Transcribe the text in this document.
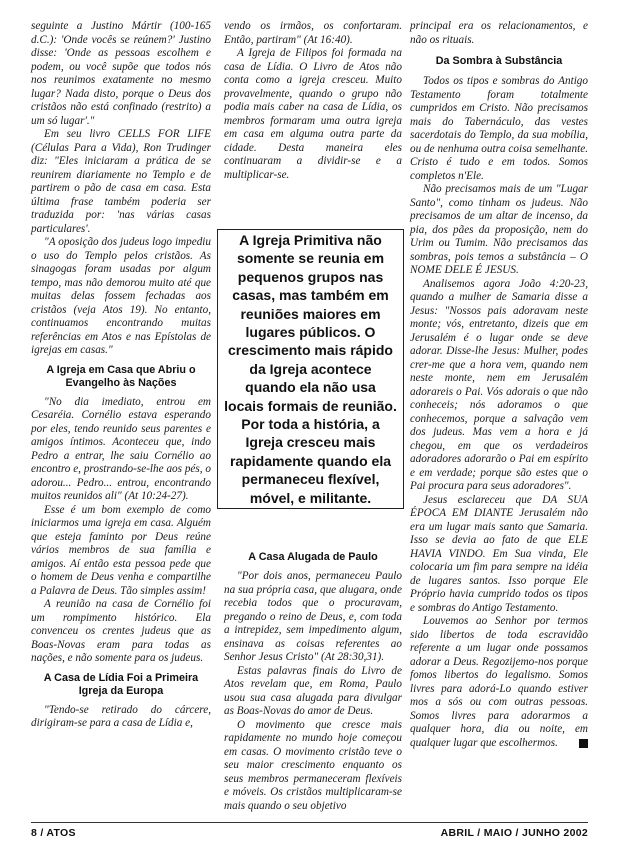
seguinte a Justino Mártir (100-165 d.C.): 'Onde vocês se reúnem?' Justino disse: 'Onde as pessoas escolhem e podem, ou você supõe que todos nós nos reunimos exatamente no mesmo lugar? Nada disto, porque o Deus dos cristãos não está confinado (restrito) a um só lugar'."

Em seu livro CELLS FOR LIFE (Células Para a Vida), Ron Trudinger diz: "Eles iniciaram a prática de se reunirem diariamente no Templo e de partirem o pão de casa em casa. Esta última frase também poderia ser traduzida por: 'nas várias casas particulares'.

"A oposição dos judeus logo impediu o uso do Templo pelos cristãos. As sinagogas foram usadas por algum tempo, mas não demorou muito até que muitas delas fossem fechadas aos cristãos (veja Atos 19). No entanto, continuamos encontrando muitas referências em Atos e nas Epístolas de igrejas em casas."

A Igreja em Casa que Abriu o Evangelho às Nações

"No dia imediato, entrou em Cesaréia. Cornélio estava esperando por eles, tendo reunido seus parentes e amigos íntimos. Aconteceu que, indo Pedro a entrar, lhe saiu Cornélio ao encontro e, prostrando-se-lhe aos pés, o adorou... Pedro... entrou, encontrando muitos reunidos ali" (At 10:24-27).

Esse é um bom exemplo de como iniciarmos uma igreja em casa. Alguém que esteja faminto por Deus reúne vários membros de sua família e amigos. Aí então esta pessoa pede que o homem de Deus venha e compartilhe a Palavra de Deus. Tão simples assim!

A reunião na casa de Cornélio foi um rompimento histórico. Ela convenceu os crentes judeus que as Boas-Novas eram para todas as nações, e não somente para os judeus.

A Casa de Lídia Foi a Primeira Igreja da Europa

"Tendo-se retirado do cárcere, dirigiram-se para a casa de Lídia e,

vendo os irmãos, os confortaram. Então, partiram" (At 16:40).

A Igreja de Filipos foi formada na casa de Lídia. O Livro de Atos não conta como a igreja cresceu. Muito provavelmente, quando o grupo não podia mais caber na casa de Lídia, os membros formaram uma outra igreja em casa em alguma outra parte da cidade. Desta maneira eles continuaram a dividir-se e a multiplicar-se.

A Igreja Primitiva não somente se reunia em pequenos grupos nas casas, mas também em reuniões maiores em lugares públicos. O crescimento mais rápido da Igreja acontece quando ela não usa locais formais de reunião. Por toda a história, a Igreja cresceu mais rapidamente quando ela permaneceu flexível, móvel, e militante.
A Casa Alugada de Paulo

"Por dois anos, permaneceu Paulo na sua própria casa, que alugara, onde recebia todos que o procuravam, pregando o reino de Deus, e, com toda a intrepidez, sem impedimento algum, ensinava as coisas referentes ao Senhor Jesus Cristo" (At 28:30,31).

Estas palavras finais do Livro de Atos revelam que, em Roma, Paulo usou sua casa alugada para divulgar as Boas-Novas do amor de Deus.

O movimento que cresce mais rapidamente no mundo hoje começou em casas. O movimento cristão teve o seu maior crescimento enquanto os seus membros permaneceram flexíveis e móveis. Os cristãos multiplicaram-se mais quando o seu objetivo

principal era os relacionamentos, e não os rituais.

Da Sombra à Substância

Todos os tipos e sombras do Antigo Testamento foram totalmente cumpridos em Cristo. Não precisamos mais do Tabernáculo, das vestes sacerdotais do Templo, da sua mobília, ou de nenhuma outra coisa semelhante. Cristo é tudo e em todos. Somos completos n'Ele.

Não precisamos mais de um "Lugar Santo", como tinham os judeus. Não precisamos de um altar de incenso, da pia, dos pães da proposição, nem do Urim ou Tumim. Não precisamos das sombras, pois temos a substância – O NOME DELE É JESUS.

Analisemos agora João 4:20-23, quando a mulher de Samaria disse a Jesus: "Nossos pais adoravam neste monte; vós, entretanto, dizeis que em Jerusalém é o lugar onde se deve adorar. Disse-lhe Jesus: Mulher, podes crer-me que a hora vem, quando nem neste monte, nem em Jerusalém adorareis o Pai. Vós adorais o que não conheceis; nós adoramos o que conhecemos, porque a salvação vem dos judeus. Mas vem a hora e já chegou, em que os verdadeiros adoradores adorarão o Pai em espírito e em verdade; porque são estes que o Pai procura para seus adoradores".

Jesus esclareceu que DA SUA ÉPOCA EM DIANTE Jerusalém não era um lugar mais santo que Samaria. Isso se devia ao fato de que ELE HAVIA VINDO. Em Sua vinda, Ele colocaria um fim para sempre na idéia de lugares santos. Isso porque Ele Próprio havia cumprido todos os tipos e sombras do Antigo Testamento.

Louvemos ao Senhor por termos sido libertos de toda escravidão referente a um lugar onde possamos adorar a Deus. Regozijemo-nos porque fomos libertos do legalismo. Somos livres para adorá-Lo quando estiver mos a sós ou com outras pessoas. Somos livres para adorarmos a qualquer hora, dia ou noite, em qualquer lugar que escolhermos.

8 / ATOS	ABRIL / MAIO / JUNHO 2002
